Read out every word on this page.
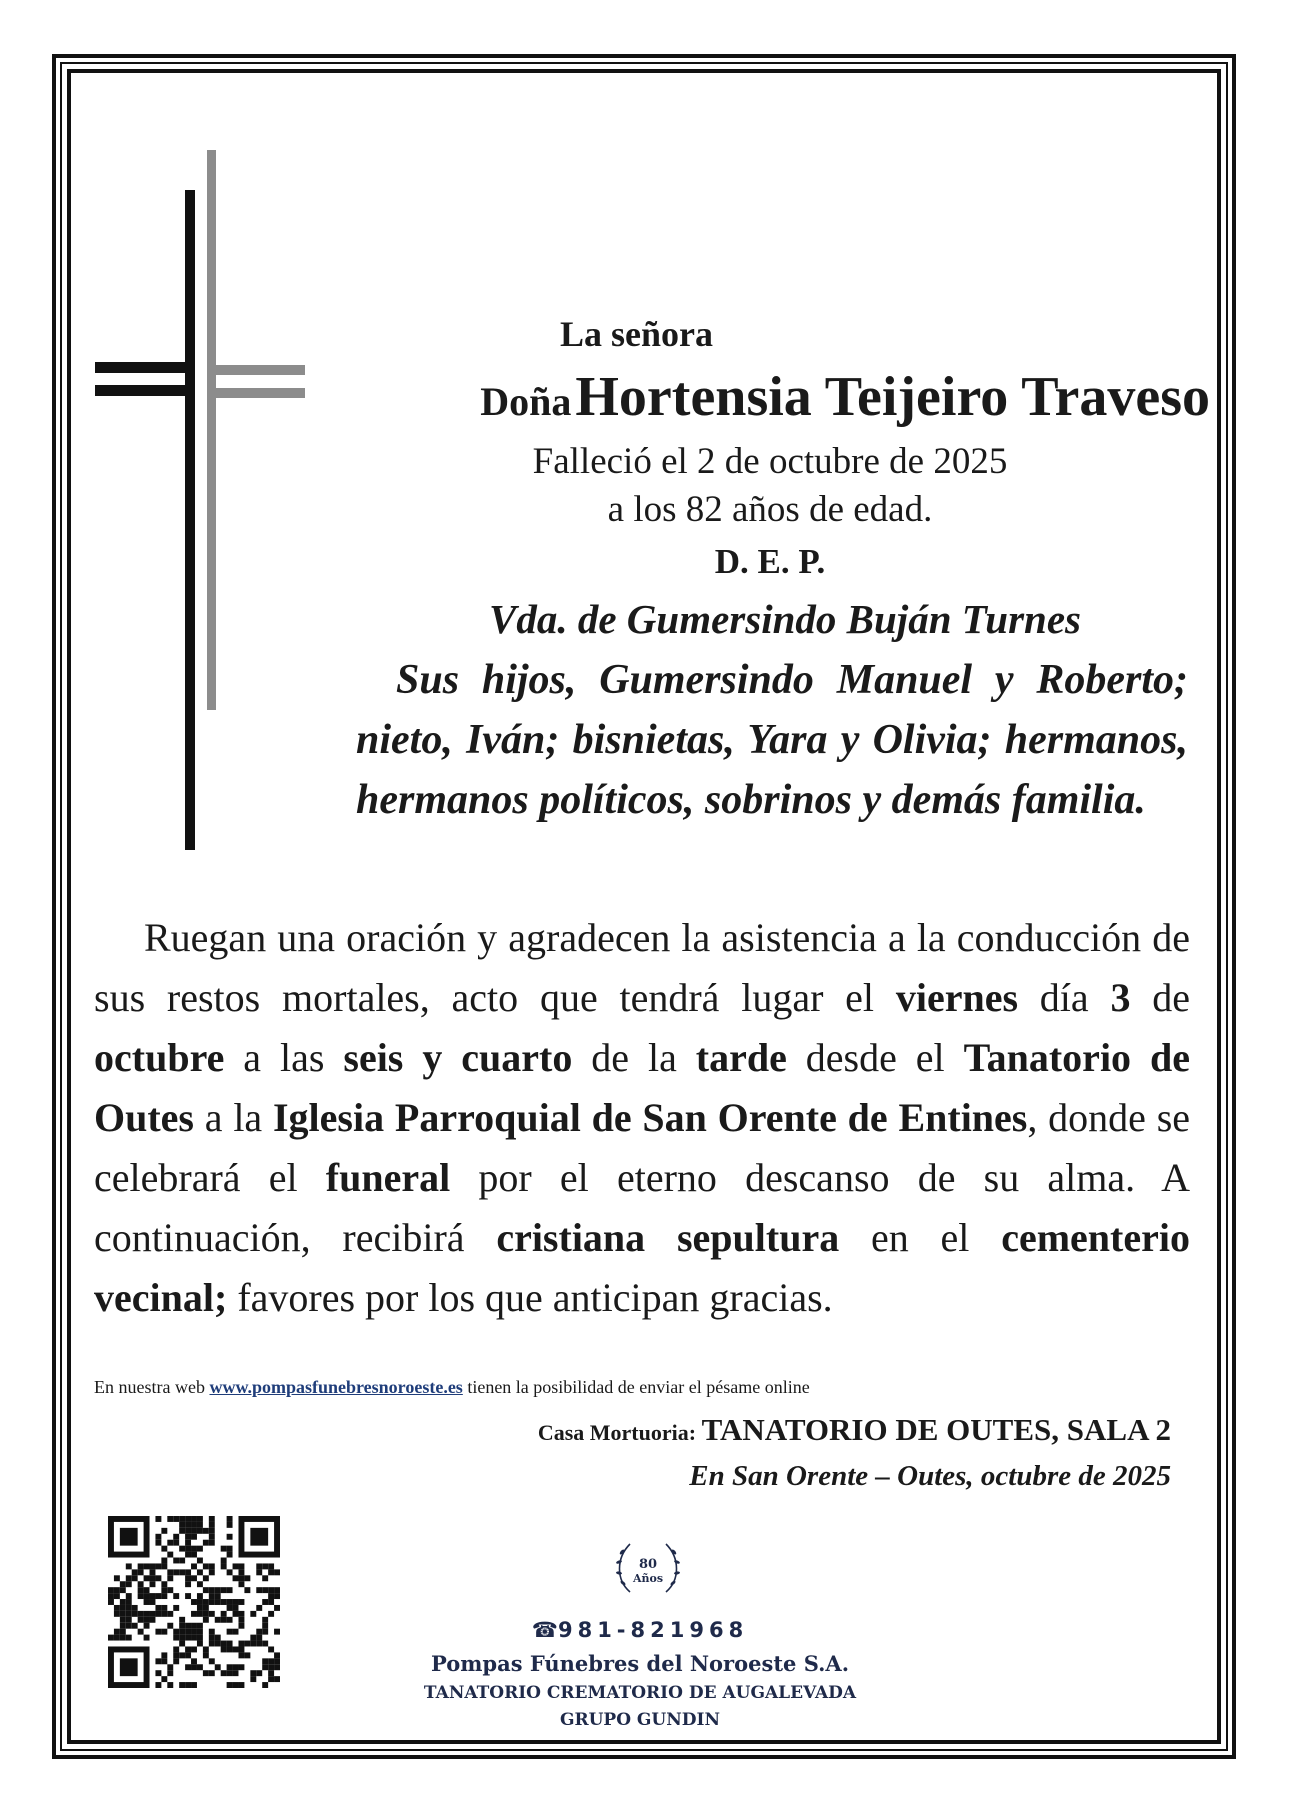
La señora
Doña Hortensia Teijeiro Traveso
Falleció el 2 de octubre de 2025
a los 82 años de edad.
D. E. P.
Vda. de Gumersindo Buján Turnes
Sus hijos, Gumersindo Manuel y Roberto; nieto, Iván; bisnietas, Yara y Olivia; hermanos, hermanos políticos, sobrinos y demás familia.
Ruegan una oración y agradecen la asistencia a la conducción de sus restos mortales, acto que tendrá lugar el viernes día 3 de octubre a las seis y cuarto de la tarde desde el Tanatorio de Outes a la Iglesia Parroquial de San Orente de Entines, donde se celebrará el funeral por el eterno descanso de su alma. A continuación, recibirá cristiana sepultura en el cementerio vecinal; favores por los que anticipan gracias.
En nuestra web www.pompasfunebresnoroeste.es tienen la posibilidad de enviar el pésame online
Casa Mortuoria: TANATORIO DE OUTES, SALA 2
En San Orente – Outes, octubre de 2025
80
Años
☎981-821968
Pompas Fúnebres del Noroeste S.A.
TANATORIO CREMATORIO DE AUGALEVADA
GRUPO GUNDIN
